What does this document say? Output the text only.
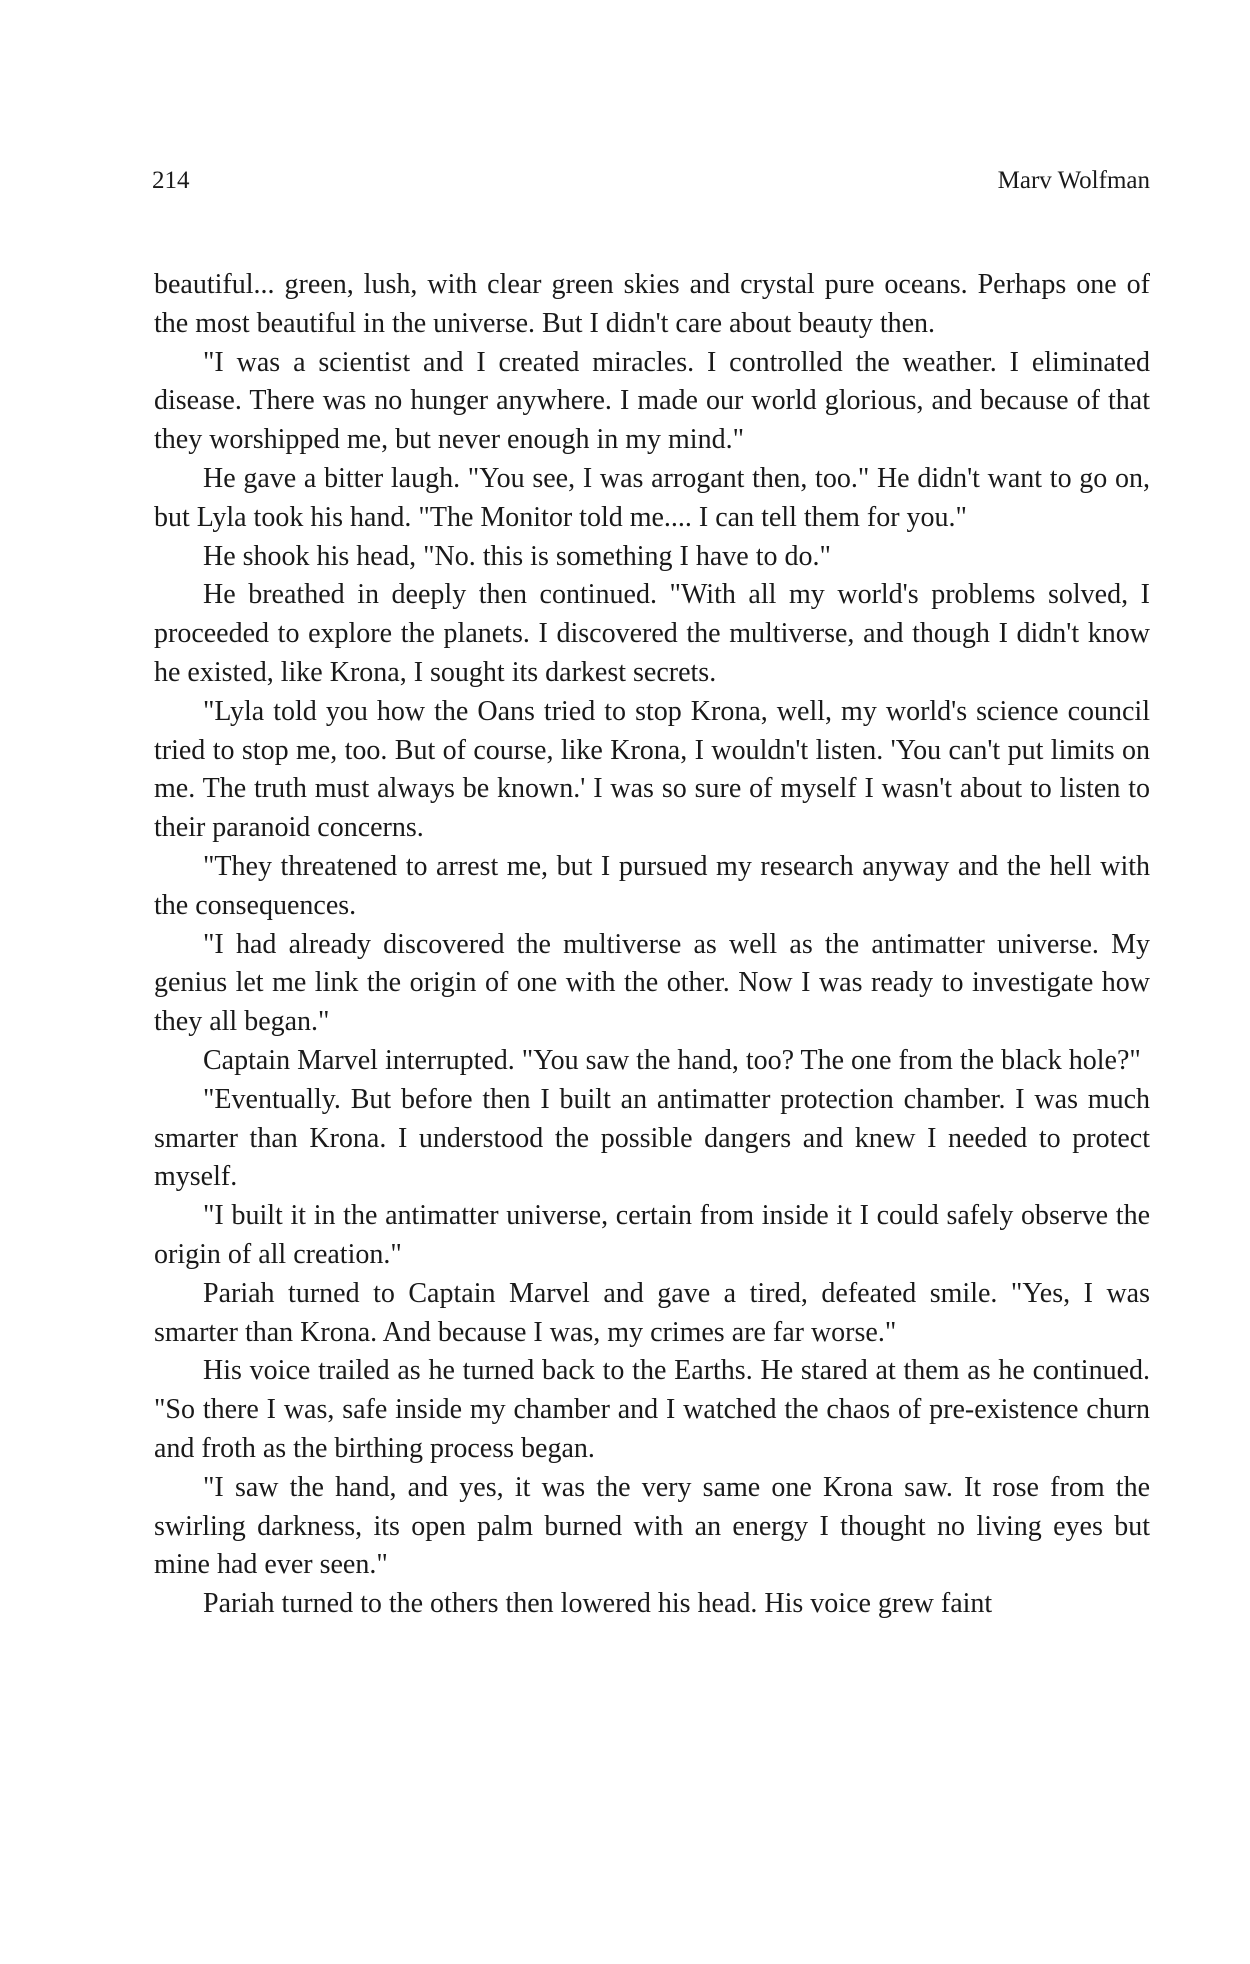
214	Marv Wolfman

beautiful... green, lush, with clear green skies and crystal pure oceans. Perhaps one of the most beautiful in the universe. But I didn't care about beauty then.

"I was a scientist and I created miracles. I controlled the weather. I eliminated disease. There was no hunger anywhere. I made our world glorious, and because of that they worshipped me, but never enough in my mind."

He gave a bitter laugh. "You see, I was arrogant then, too." He didn't want to go on, but Lyla took his hand. "The Monitor told me.... I can tell them for you."

He shook his head, "No. this is something I have to do."

He breathed in deeply then continued. "With all my world's problems solved, I proceeded to explore the planets. I discovered the multiverse, and though I didn't know he existed, like Krona, I sought its darkest secrets.

"Lyla told you how the Oans tried to stop Krona, well, my world's science council tried to stop me, too. But of course, like Krona, I wouldn't listen. 'You can't put limits on me. The truth must always be known.' I was so sure of myself I wasn't about to listen to their paranoid concerns.

"They threatened to arrest me, but I pursued my research anyway and the hell with the consequences.

"I had already discovered the multiverse as well as the antimatter universe. My genius let me link the origin of one with the other. Now I was ready to investigate how they all began."

Captain Marvel interrupted. "You saw the hand, too? The one from the black hole?"

"Eventually. But before then I built an antimatter protection chamber. I was much smarter than Krona. I understood the possible dangers and knew I needed to protect myself.

"I built it in the antimatter universe, certain from inside it I could safely observe the origin of all creation."

Pariah turned to Captain Marvel and gave a tired, defeated smile. "Yes, I was smarter than Krona. And because I was, my crimes are far worse."

His voice trailed as he turned back to the Earths. He stared at them as he continued. "So there I was, safe inside my chamber and I watched the chaos of pre-existence churn and froth as the birthing process began.

"I saw the hand, and yes, it was the very same one Krona saw. It rose from the swirling darkness, its open palm burned with an energy I thought no living eyes but mine had ever seen."

Pariah turned to the others then lowered his head. His voice grew faint
